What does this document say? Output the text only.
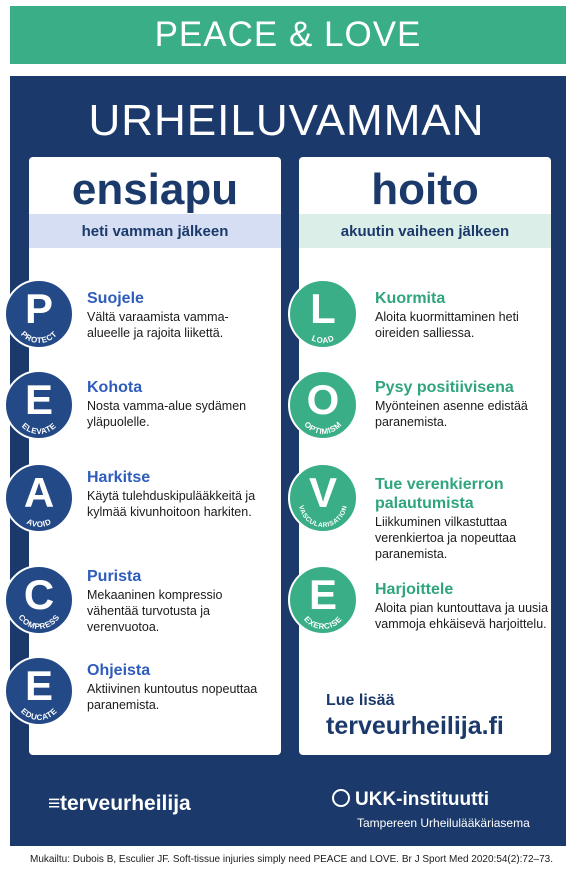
PEACE & LOVE
URHEILUVAMMAN
ensiapu
heti vamman jälkeen
hoito
akuutin vaiheen jälkeen
P
PROTECT
Suojele
Vältä varaamista vamma-alueelle ja rajoita liikettä.
E
ELEVATE
Kohota
Nosta vamma-alue sydämen yläpuolelle.
A
AVOID
Harkitse
Käytä tulehduskipulääkkeitä ja kylmää kivunhoitoon harkiten.
C
COMPRESS
Purista
Mekaaninen kompressio vähentää turvotusta ja verenvuotoa.
E
EDUCATE
Ohjeista
Aktiivinen kuntoutus nopeuttaa paranemista.
L
LOAD
Kuormita
Aloita kuormittaminen heti oireiden salliessa.
O
OPTIMISM
Pysy positiivisena
Myönteinen asenne edistää paranemista.
V
VASCULARISATION
Tue verenkierron palautumista
Liikkuminen vilkastuttaa verenkiertoa ja nopeuttaa paranemista.
E
EXERCISE
Harjoittele
Aloita pian kuntouttava ja uusia vammoja ehkäisevä harjoittelu.
Lue lisää
terveurheilija.fi
≡terveurheilija	UKK-instituutti
Tampereen Urheilulääkäriasema
Mukailtu: Dubois B, Esculier JF. Soft-tissue injuries simply need PEACE and LOVE. Br J Sport Med 2020:54(2):72–73.
